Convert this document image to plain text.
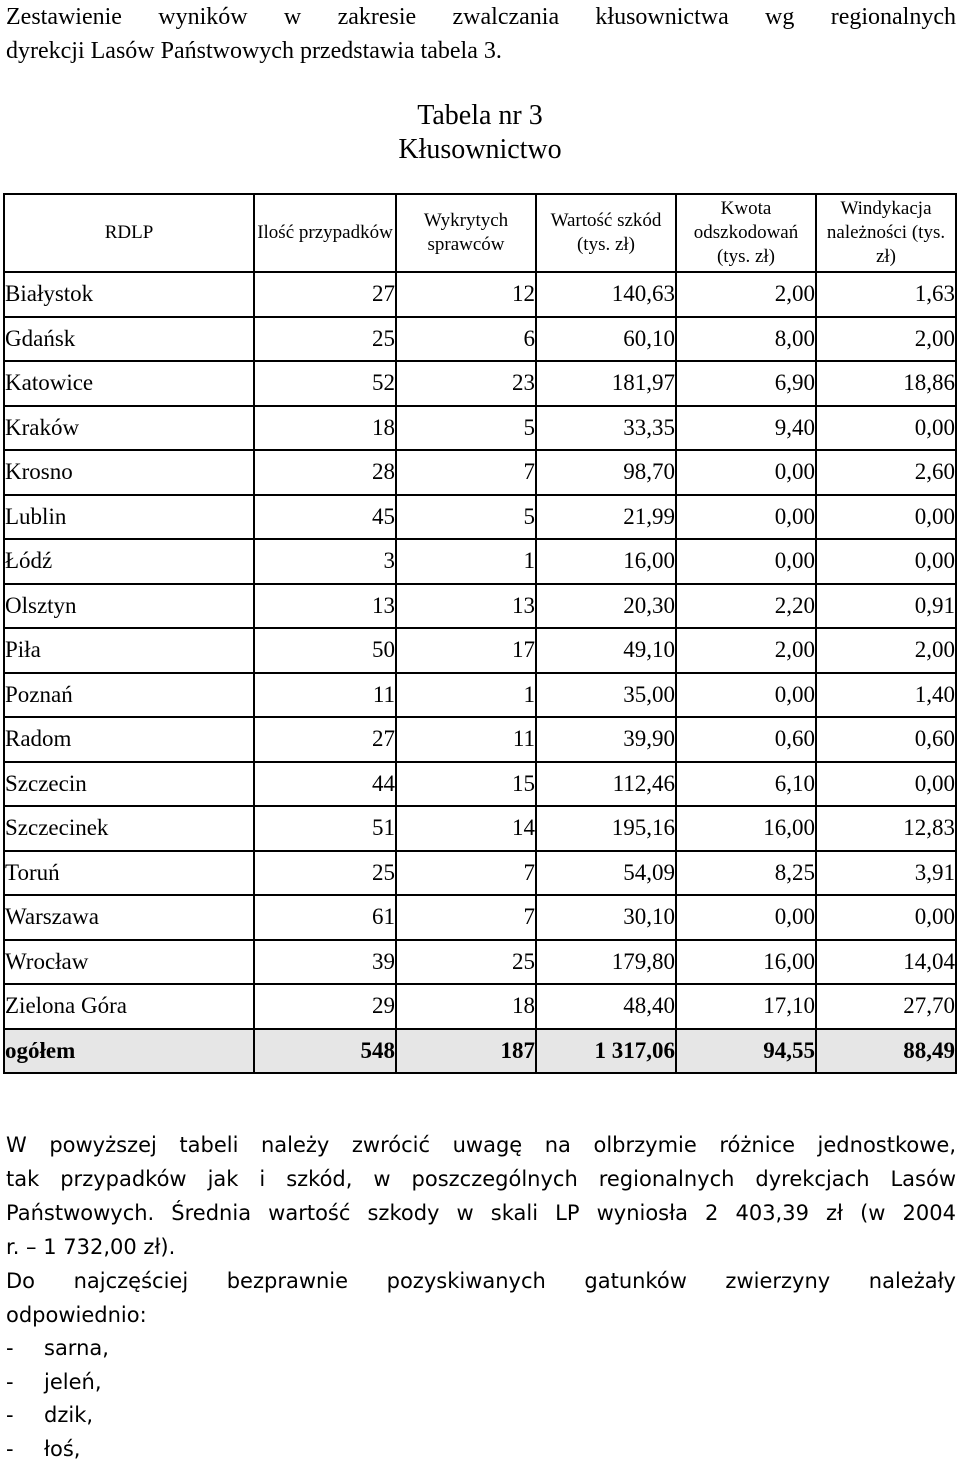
Zestawienie wyników w zakresie zwalczania kłusownictwa wg regionalnych
dyrekcji Lasów Państwowych przedstawia tabela 3.
Tabela nr 3
Kłusownictwo
RDLP	Ilość przypadków	Wykrytych sprawców	Wartość szkód (tys. zł)	Kwota odszkodowań (tys. zł)	Windykacja należności (tys. zł)
Białystok	27	12	140,63	2,00	1,63
Gdańsk	25	6	60,10	8,00	2,00
Katowice	52	23	181,97	6,90	18,86
Kraków	18	5	33,35	9,40	0,00
Krosno	28	7	98,70	0,00	2,60
Lublin	45	5	21,99	0,00	0,00
Łódź	3	1	16,00	0,00	0,00
Olsztyn	13	13	20,30	2,20	0,91
Piła	50	17	49,10	2,00	2,00
Poznań	11	1	35,00	0,00	1,40
Radom	27	11	39,90	0,60	0,60
Szczecin	44	15	112,46	6,10	0,00
Szczecinek	51	14	195,16	16,00	12,83
Toruń	25	7	54,09	8,25	3,91
Warszawa	61	7	30,10	0,00	0,00
Wrocław	39	25	179,80	16,00	14,04
Zielona Góra	29	18	48,40	17,10	27,70
ogółem	548	187	1 317,06	94,55	88,49
W powyższej tabeli należy zwrócić uwagę na olbrzymie różnice jednostkowe,
tak przypadków jak i szkód, w poszczególnych regionalnych dyrekcjach Lasów
Państwowych. Średnia wartość szkody w skali LP wyniosła 2 403,39 zł (w 2004
r. – 1 732,00 zł).
Do najczęściej bezprawnie pozyskiwanych gatunków zwierzyny należały
odpowiednio:
-	sarna,
-	jeleń,
-	dzik,
-	łoś,
